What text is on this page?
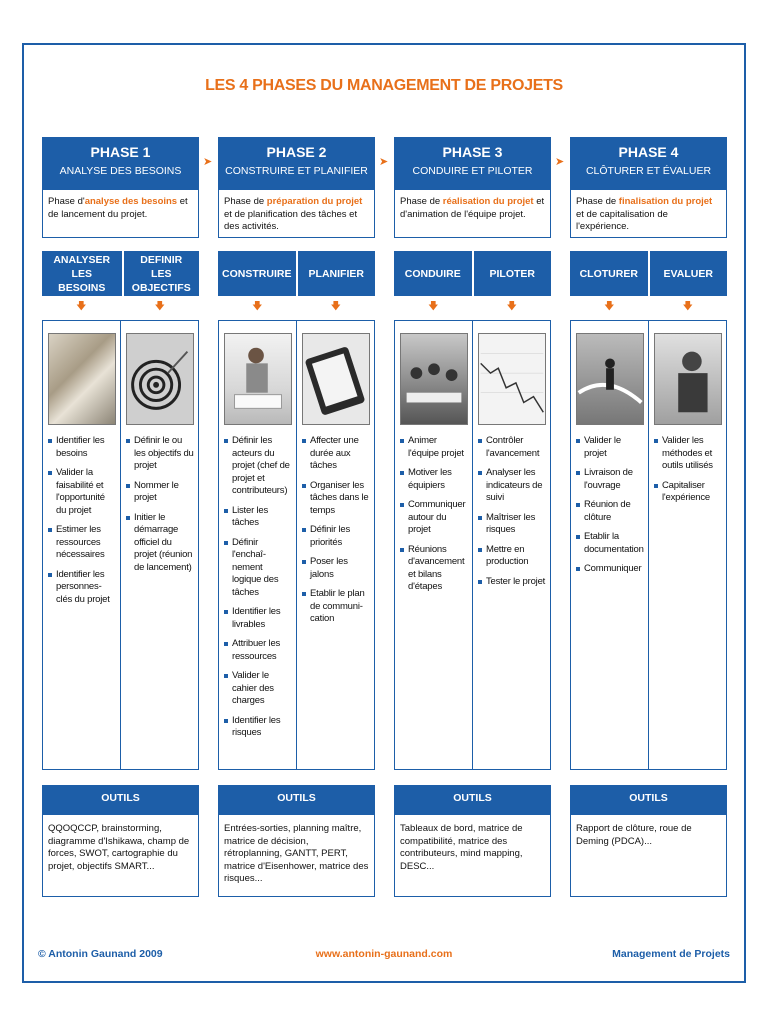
LES 4 PHASES DU MANAGEMENT DE PROJETS
PHASE 1
ANALYSE DES BESOINS
Phase d'analyse des besoins et de lancement du projet.
PHASE 2
CONSTRUIRE ET PLANIFIER
Phase de préparation du projet et de planification des tâches et des activités.
PHASE 3
CONDUIRE ET PILOTER
Phase de réalisation du projet et d'animation de l'équipe projet.
PHASE 4
CLÔTURER ET ÉVALUER
Phase de finalisation du projet et de capitalisation de l'expérience.
➤	➤	➤
ANALYSER LES BESOINS
DEFINIR LES OBJECTIFS
CONSTRUIRE	PLANIFIER	CONDUIRE	PILOTER	CLOTURER	EVALUER
🡇	🡇	🡇	🡇	🡇	🡇	🡇	🡇
Identifier les besoins
Valider la faisabilité et l'opportunité du projet
Estimer les ressources nécessaires
Identifier les personnes-clés du projet
Définir le ou les objectifs du projet
Nommer le projet
Initier le démarrage officiel du projet (réunion de lancement)
Définir les acteurs du projet (chef de projet et contributeurs)
Lister les tâches
Définir l'enchaî-nement logique des tâches
Identifier les livrables
Attribuer les ressources
Valider le cahier des charges
Identifier les risques
Affecter une durée aux tâches
Organiser les tâches dans le temps
Définir les priorités
Poser les jalons
Etablir le plan de communi-cation
Animer l'équipe projet
Motiver les équipiers
Communiquer autour du projet
Réunions d'avancement et bilans d'étapes
Contrôler l'avancement
Analyser les indicateurs de suivi
Maîtriser les risques
Mettre en production
Tester le projet
Valider le projet
Livraison de l'ouvrage
Réunion de clôture
Etablir la documentation
Communiquer
Valider les méthodes et outils utilisés
Capitaliser l'expérience
OUTILS	OUTILS	OUTILS	OUTILS
QQOQCCP, brainstorming, diagramme d'Ishikawa, champ de forces, SWOT, cartographie du projet, objectifs SMART...
Entrées-sorties, planning maître, matrice de décision, rétroplanning, GANTT, PERT, matrice d'Eisenhower, matrice des risques...
Tableaux de bord, matrice de compatibilité, matrice des contributeurs, mind mapping, DESC...
Rapport de clôture, roue de Deming (PDCA)...
© Antonin Gaunand 2009	www.antonin-gaunand.com	Management de Projets
